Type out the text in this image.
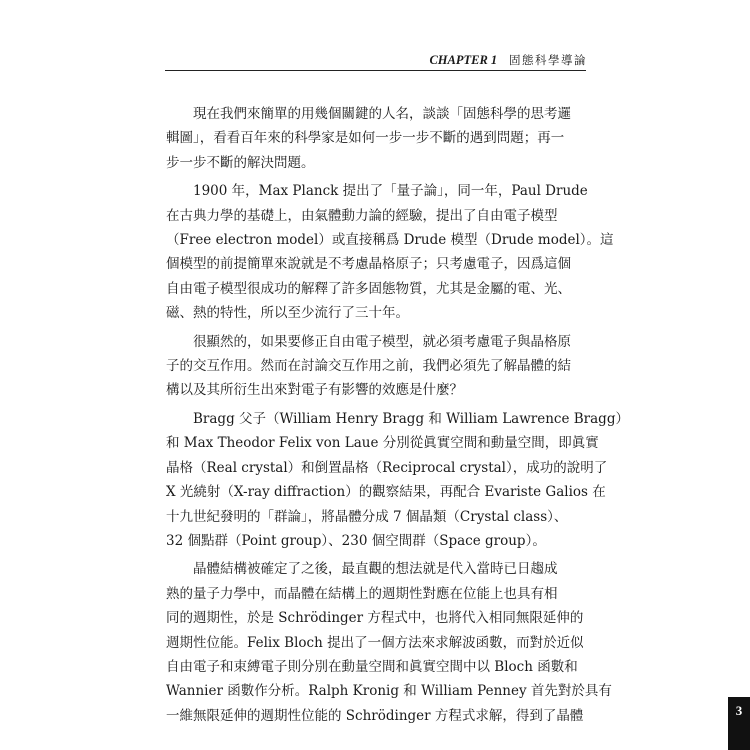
CHAPTER 1 固態科學導論

現在我們來簡單的用幾個關鍵的人名，談談「固態科學的思考邏
輯圖」，看看百年來的科學家是如何一步一步不斷的遇到問題；再一
步一步不斷的解決問題。

1900 年，Max Planck 提出了「量子論」，同一年，Paul Drude
在古典力學的基礎上，由氣體動力論的經驗，提出了自由電子模型
（Free electron model）或直接稱爲 Drude 模型（Drude model）。這
個模型的前提簡單來說就是不考慮晶格原子；只考慮電子，因爲這個
自由電子模型很成功的解釋了許多固態物質，尤其是金屬的電、光、
磁、熱的特性，所以至少流行了三十年。

很顯然的，如果要修正自由電子模型，就必須考慮電子與晶格原
子的交互作用。然而在討論交互作用之前，我們必須先了解晶體的結
構以及其所衍生出來對電子有影響的效應是什麼？

Bragg 父子（William Henry Bragg 和 William Lawrence Bragg）
和 Max Theodor Felix von Laue 分別從眞實空間和動量空間，即眞實
晶格（Real crystal）和倒置晶格（Reciprocal crystal），成功的說明了
X 光繞射（X-ray diffraction）的觀察結果，再配合 Evariste Galios 在
十九世紀發明的「群論」，將晶體分成 7 個晶類（Crystal class）、
32 個點群（Point group）、230 個空間群（Space group）。

晶體結構被確定了之後，最直觀的想法就是代入當時已日趨成
熟的量子力學中，而晶體在結構上的週期性對應在位能上也具有相
同的週期性，於是 Schrödinger 方程式中，也將代入相同無限延伸的
週期性位能。Felix Bloch 提出了一個方法來求解波函數，而對於近似
自由電子和束縛電子則分別在動量空間和眞實空間中以 Bloch 函數和
Wannier 函數作分析。Ralph Kronig 和 William Penney 首先對於具有
一維無限延伸的週期性位能的 Schrödinger 方程式求解，得到了晶體	3
